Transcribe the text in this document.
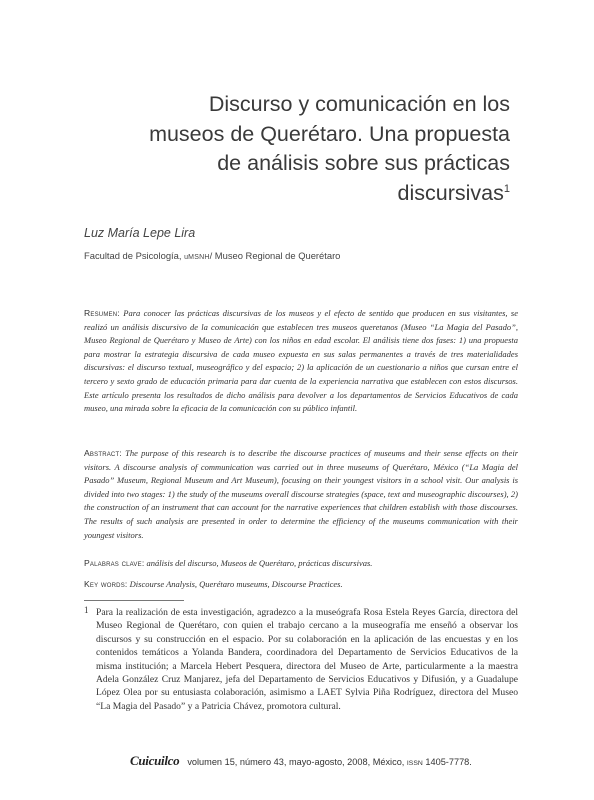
Discurso y comunicación en los
museos de Querétaro. Una propuesta
de análisis sobre sus prácticas
discursivas$^1$
Luz María Lepe Lira
Facultad de Psicología, uMSNH/ Museo Regional de Querétaro

Resumen: Para conocer las prácticas discursivas de los museos y el efecto de sentido que producen en sus visitantes, se realizó un análisis discursivo de la comunicación que establecen tres museos queretanos (Museo “La Magia del Pasado”, Museo Regional de Querétaro y Museo de Arte) con los niños en edad escolar. El análisis tiene dos fases: 1) una propuesta para mostrar la estrategia discursiva de cada museo expuesta en sus salas permanentes a través de tres materialidades discursivas: el discurso textual, museográfico y del espacio; 2) la aplicación de un cuestionario a niños que cursan entre el tercero y sexto grado de educación primaria para dar cuenta de la experiencia narrativa que establecen con estos discursos. Este artículo presenta los resultados de dicho análisis para devolver a los departamentos de Servicios Educativos de cada museo, una mirada sobre la eficacia de la comunicación con su público infantil.

Abstract: The purpose of this research is to describe the discourse practices of museums and their sense effects on their visitors. A discourse analysis of communication was carried out in three museums of Querétaro, México (“La Magia del Pasado” Museum, Regional Museum and Art Museum), focusing on their youngest visitors in a school visit. Our analysis is divided into two stages: 1) the study of the museums overall discourse strategies (space, text and museographic discourses), 2) the construction of an instrument that can account for the narrative experiences that children establish with those discourses. The results of such analysis are presented in order to determine the efficiency of the museums communication with their youngest visitors.

Palabras clave: análisis del discurso, Museos de Querétaro, prácticas discursivas.

Key words: Discourse Analysis, Querétaro museums, Discourse Practices.

1 Para la realización de esta investigación, agradezco a la museógrafa Rosa Estela Reyes García, directora del Museo Regional de Querétaro, con quien el trabajo cercano a la museografía me enseñó a observar los discursos y su construcción en el espacio. Por su colaboración en la aplicación de las encuestas y en los contenidos temáticos a Yolanda Bandera, coordinadora del Departamento de Servicios Educativos de la misma institución; a Marcela Hebert Pesquera, directora del Museo de Arte, particularmente a la maestra Adela González Cruz Manjarez, jefa del Departamento de Servicios Educativos y Difusión, y a Guadalupe López Olea por su entusiasta colaboración, asimismo a LAET Sylvia Piña Rodríguez, directora del Museo “La Magia del Pasado” y a Patricia Chávez, promotora cultural.

Cuicuilco volumen 15, número 43, mayo-agosto, 2008, México, ISSN 1405-7778.
